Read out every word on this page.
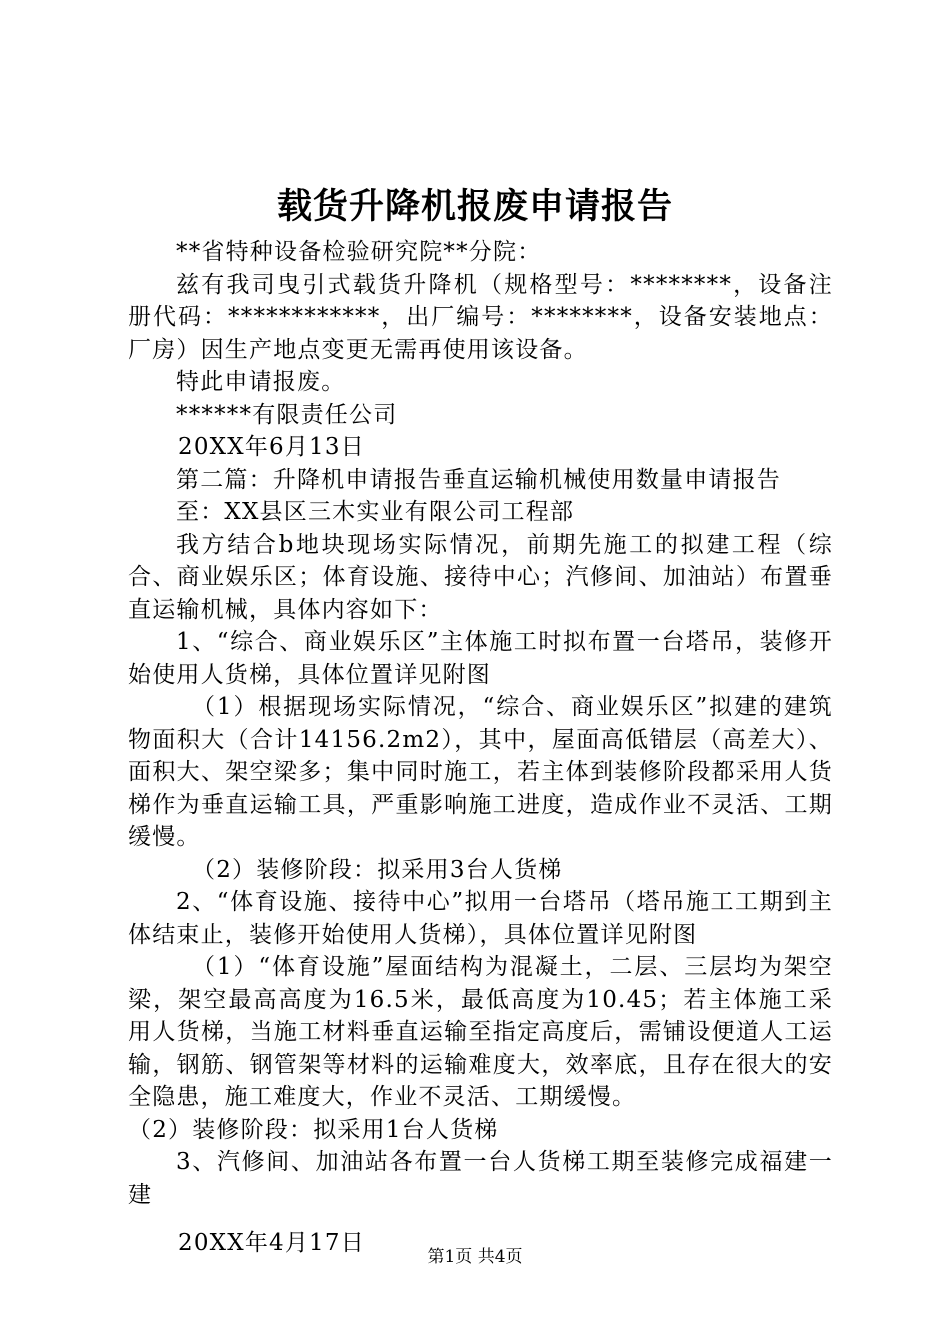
载货升降机报废申请报告

**省特种设备检验研究院**分院：

兹有我司曳引式载货升降机（规格型号：********，设备注册代码：************，出厂编号：********，设备安装地点：厂房）因生产地点变更无需再使用该设备。

特此申请报废。

******有限责任公司

20XX年6月13日

第二篇：升降机申请报告垂直运输机械使用数量申请报告

至：XX县区三木实业有限公司工程部

我方结合b地块现场实际情况，前期先施工的拟建工程（综合、商业娱乐区；体育设施、接待中心；汽修间、加油站）布置垂直运输机械，具体内容如下：

1、“综合、商业娱乐区”主体施工时拟布置一台塔吊，装修开始使用人货梯，具体位置详见附图

（1）根据现场实际情况，“综合、商业娱乐区”拟建的建筑物面积大（合计14156.2m2），其中，屋面高低错层（高差大）、面积大、架空梁多；集中同时施工，若主体到装修阶段都采用人货梯作为垂直运输工具，严重影响施工进度，造成作业不灵活、工期缓慢。

（2）装修阶段：拟采用3台人货梯

2、“体育设施、接待中心”拟用一台塔吊（塔吊施工工期到主体结束止，装修开始使用人货梯），具体位置详见附图

（1）“体育设施”屋面结构为混凝土，二层、三层均为架空梁，架空最高高度为16.5米，最低高度为10.45；若主体施工采用人货梯，当施工材料垂直运输至指定高度后，需铺设便道人工运输，钢筋、钢管架等材料的运输难度大，效率底，且存在很大的安全隐患，施工难度大，作业不灵活、工期缓慢。

（2）装修阶段：拟采用1台人货梯

3、汽修间、加油站各布置一台人货梯工期至装修完成福建一建

20XX年4月17日

第1页 共4页
